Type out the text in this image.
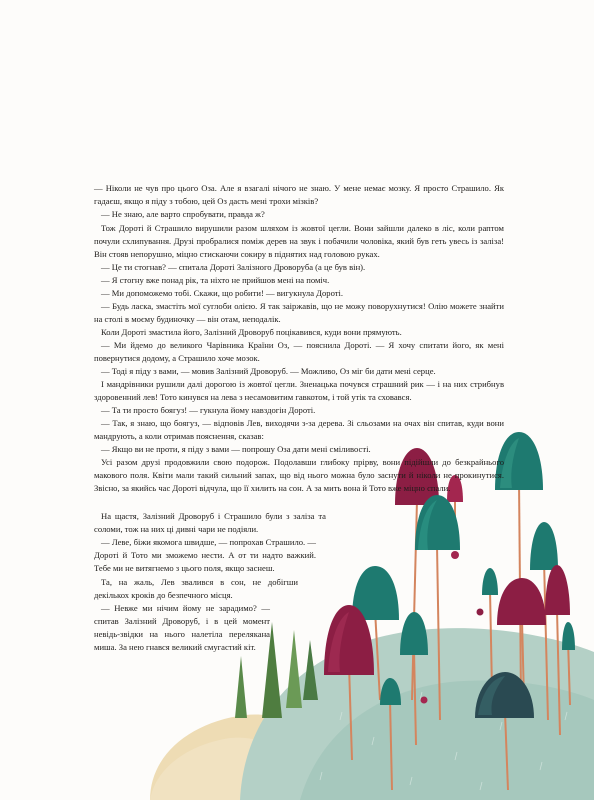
— Ніколи не чув про цього Оза. Але я взагалі нічого не знаю. У мене немає мозку. Я просто Страшило. Як гадаєш, якщо я піду з тобою, цей Оз дасть мені трохи мізків?

— Не знаю, але варто спробувати, правда ж?

Тож Дороті й Страшило вирушили разом шляхом із жовтої цегли. Вони зайшли далеко в ліс, коли раптом почули схлипування. Друзі пробралися поміж дерев на звук і побачили чоловіка, який був геть увесь із заліза! Він стояв непорушно, міцно стискаючи сокиру в піднятих над головою руках.

— Це ти стогнав? — спитала Дороті Залізного Дроворуба (а це був він).

— Я стогну вже понад рік, та ніхто не прийшов мені на поміч.

— Ми допоможемо тобі. Скажи, що робити! — вигукнула Дороті.

— Будь ласка, змастіть мої суглоби олією. Я так заіржавів, що не можу поворухнутися! Олію можете знайти на столі в моєму будиночку — він отам, неподалік.

Коли Дороті змастила його, Залізний Дроворуб поцікавився, куди вони прямують.

— Ми йдемо до великого Чарівника Країни Оз, — пояснила Дороті. — Я хочу спитати його, як мені повернутися додому, а Страшило хоче мозок.

— Тоді я піду з вами, — мовив Залізний Дроворуб. — Можливо, Оз міг би дати мені серце.

І мандрівники рушили далі дорогою із жовтої цегли. Зненацька почувся страшний рик — і на них стрибнув здоровенний лев! Тото кинувся на лева з несамовитим гавкотом, і той утік та сховався.

— Та ти просто боягуз! — гукнула йому навздогін Дороті.

— Так, я знаю, що боягуз, — відповів Лев, виходячи з-за дерева. Зі сльозами на очах він спитав, куди вони мандрують, а коли отримав пояснення, сказав:

— Якщо ви не проти, я піду з вами — попрошу Оза дати мені сміливості.

Усі разом друзі продовжили свою подорож. Подолавши глибоку прірву, вони підійшли до безкрайнього макового поля. Квіти мали такий сильний запах, що від нього можна було заснути й ніколи не прокинутися. Звісно, за якийсь час Дороті відчула, що її хилить на сон. А за мить вона й Тото вже міцно спали.

На щастя, Залізний Дроворуб і Страшило були з заліза та соломи, тож на них ці дивні чари не подіяли.

— Леве, біжи якомога швидше, — попрохав Страшило. — Дороті й Тото ми зможемо нести. А от ти надто важкий. Тебе ми не витягнемо з цього поля, якщо заснеш.

Та, на жаль, Лев звалився в сон, не добігши декількох кроків до безпечного місця.

— Невже ми нічим йому не зарадимо? — спитав Залізний Дроворуб, і в цей момент невідь-звідки на нього налетіла перелякана миша. За нею гнався великий смугастий кіт.
